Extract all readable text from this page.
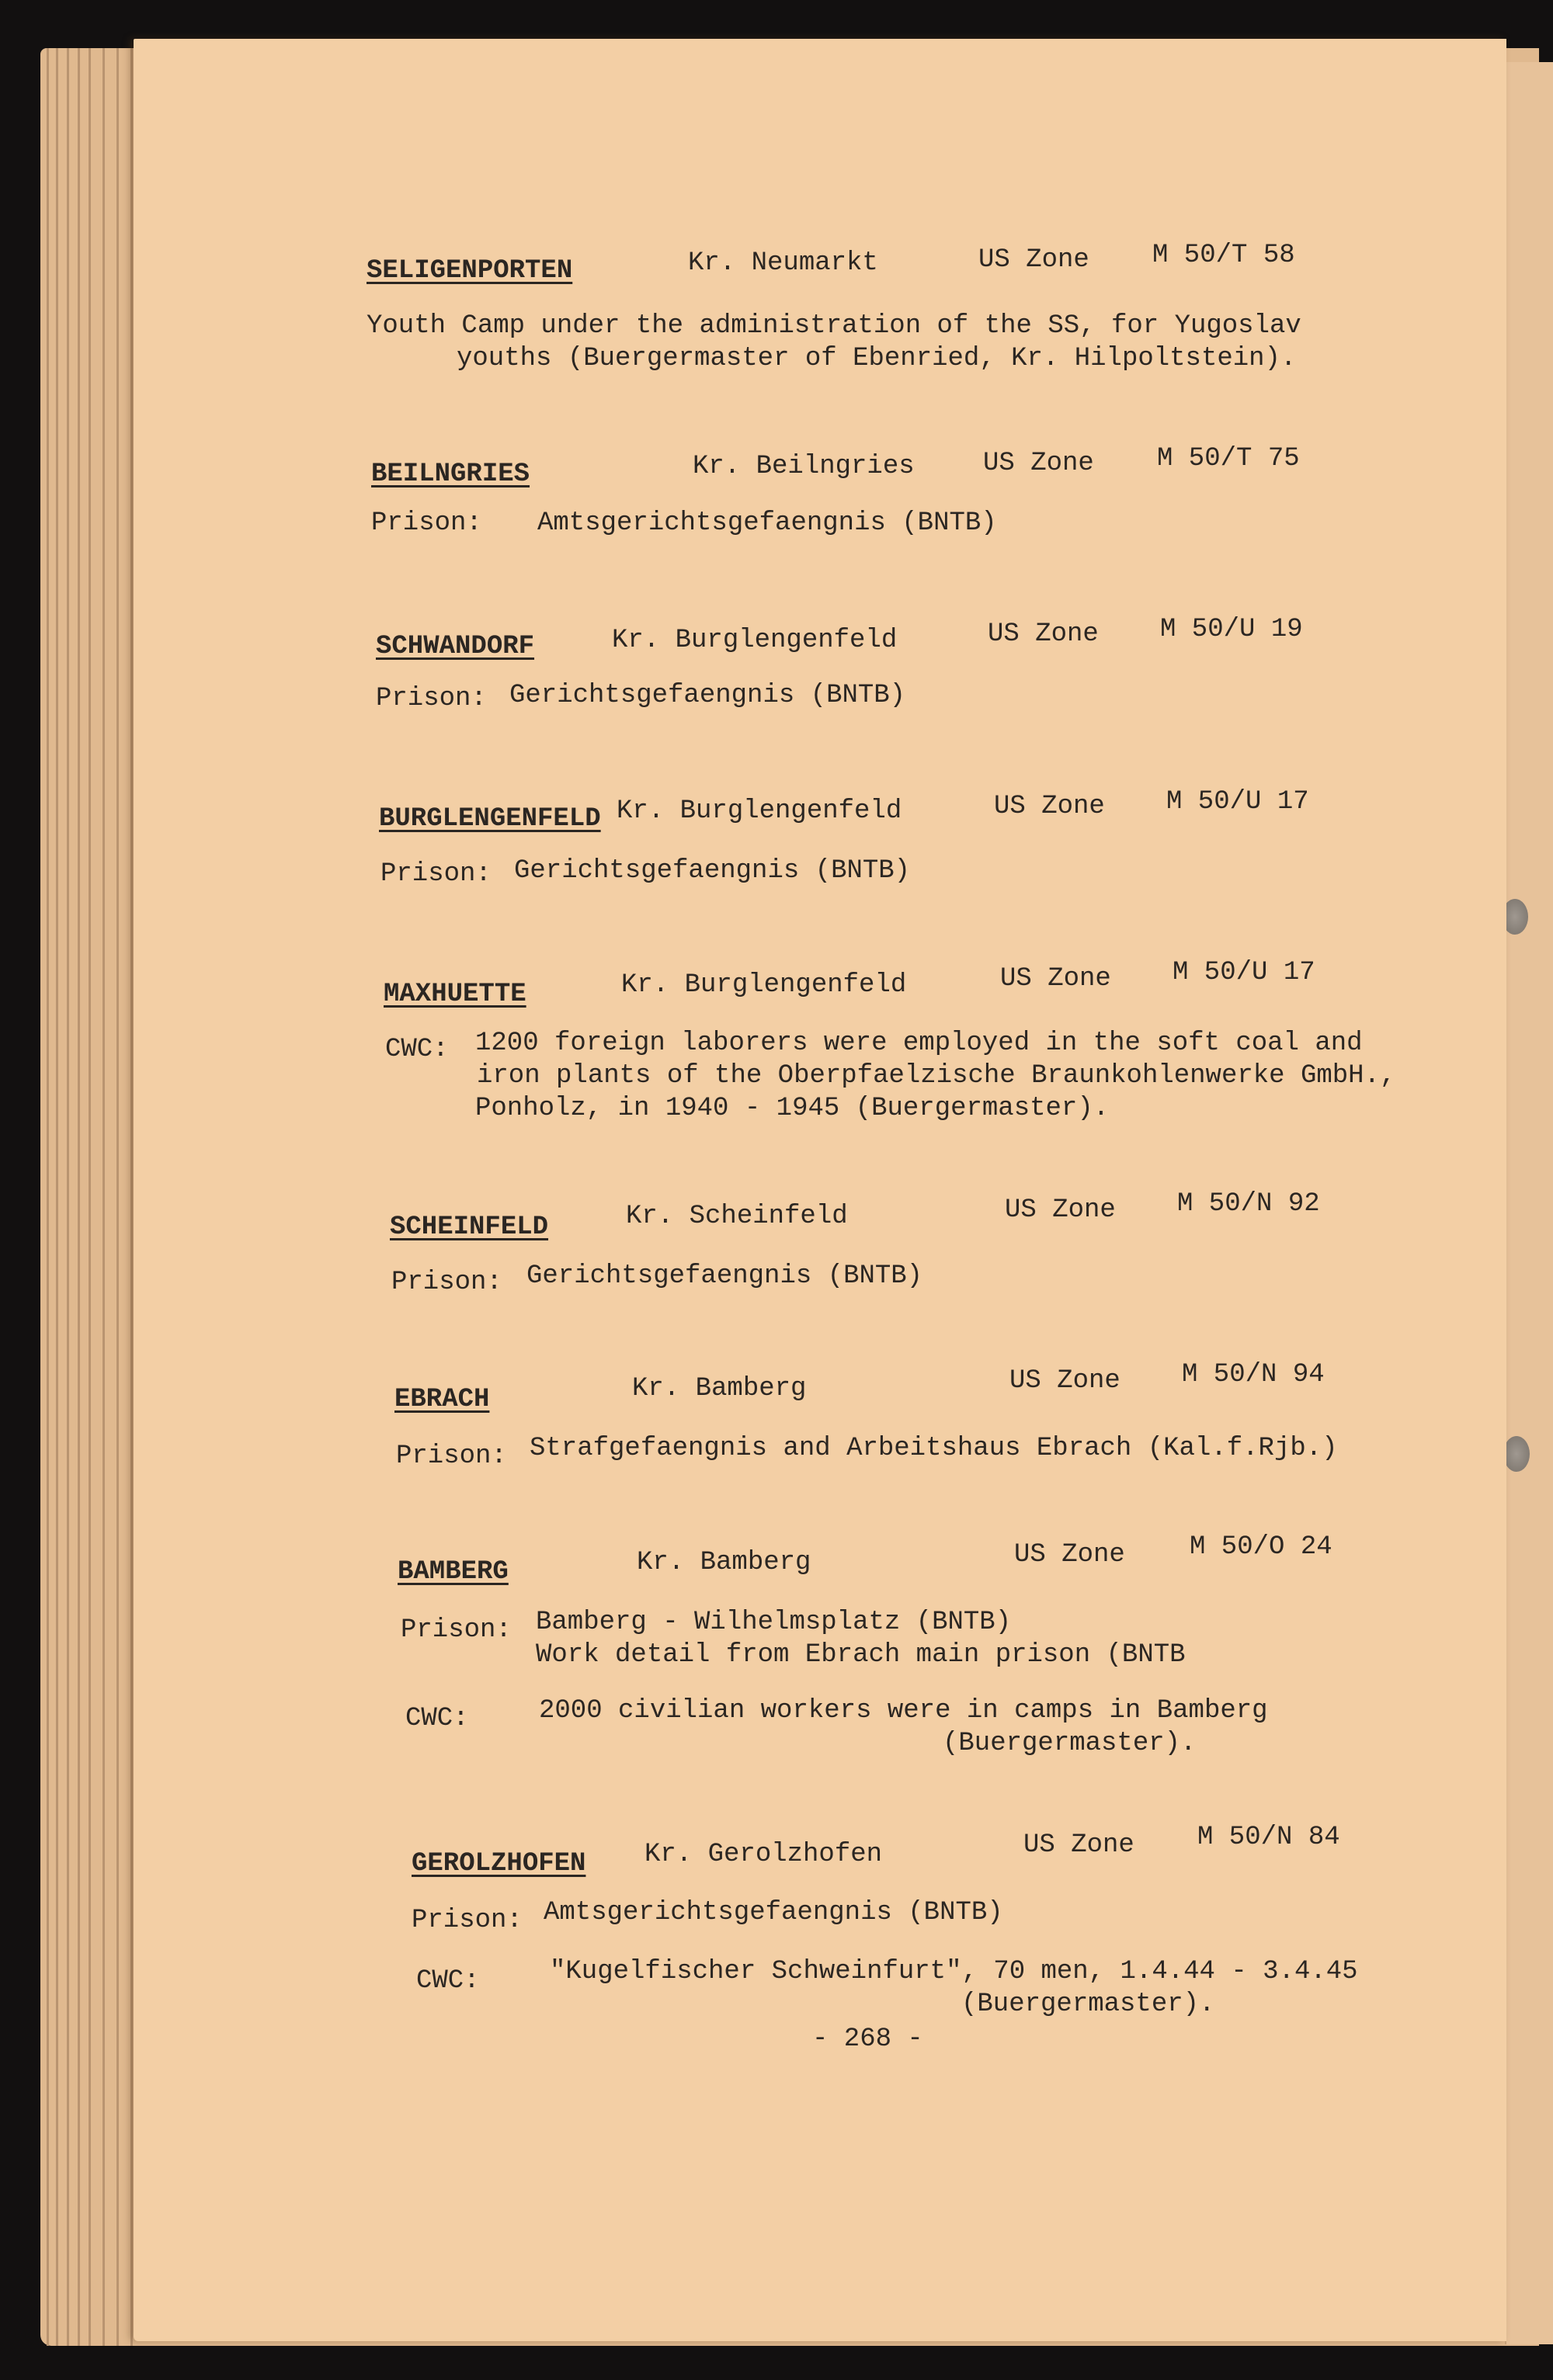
SELIGENPORTEN	Kr. Neumarkt	US Zone M 50/T 58
Youth Camp under the administration of the SS, for Yugoslav
youths (Buergermaster of Ebenried, Kr. Hilpoltstein).
BEILNGRIES	Kr. Beilngries	US Zone M 50/T 75
Prison: Amtsgerichtsgefaengnis (BNTB)
SCHWANDORF	Kr. Burglengenfeld	US Zone M 50/U 19
Prison: Gerichtsgefaengnis (BNTB)
BURGLENGENFELD Kr. Burglengenfeld	US Zone M 50/U 17
Prison: Gerichtsgefaengnis (BNTB)
MAXHUETTE	Kr. Burglengenfeld	US Zone M 50/U 17
CWC: 1200 foreign laborers were employed in the soft coal and
iron plants of the Oberpfaelzische Braunkohlenwerke GmbH.,
Ponholz, in 1940 - 1945 (Buergermaster).
SCHEINFELD	Kr. Scheinfeld	US Zone M 50/N 92
Prison: Gerichtsgefaengnis (BNTB)
EBRACH	Kr. Bamberg	US Zone M 50/N 94
Prison: Strafgefaengnis and Arbeitshaus Ebrach (Kal.f.Rjb.)
BAMBERG	Kr. Bamberg	US Zone M 50/O 24
Prison: Bamberg - Wilhelmsplatz (BNTB)
Work detail from Ebrach main prison (BNTB
CWC:	2000 civilian workers were in camps in Bamberg
(Buergermaster).
GEROLZHOFEN Kr. Gerolzhofen	US Zone M 50/N 84
Prison: Amtsgerichtsgefaengnis (BNTB)
CWC:	"Kugelfischer Schweinfurt", 70 men, 1.4.44 - 3.4.45
(Buergermaster).
- 268 -
